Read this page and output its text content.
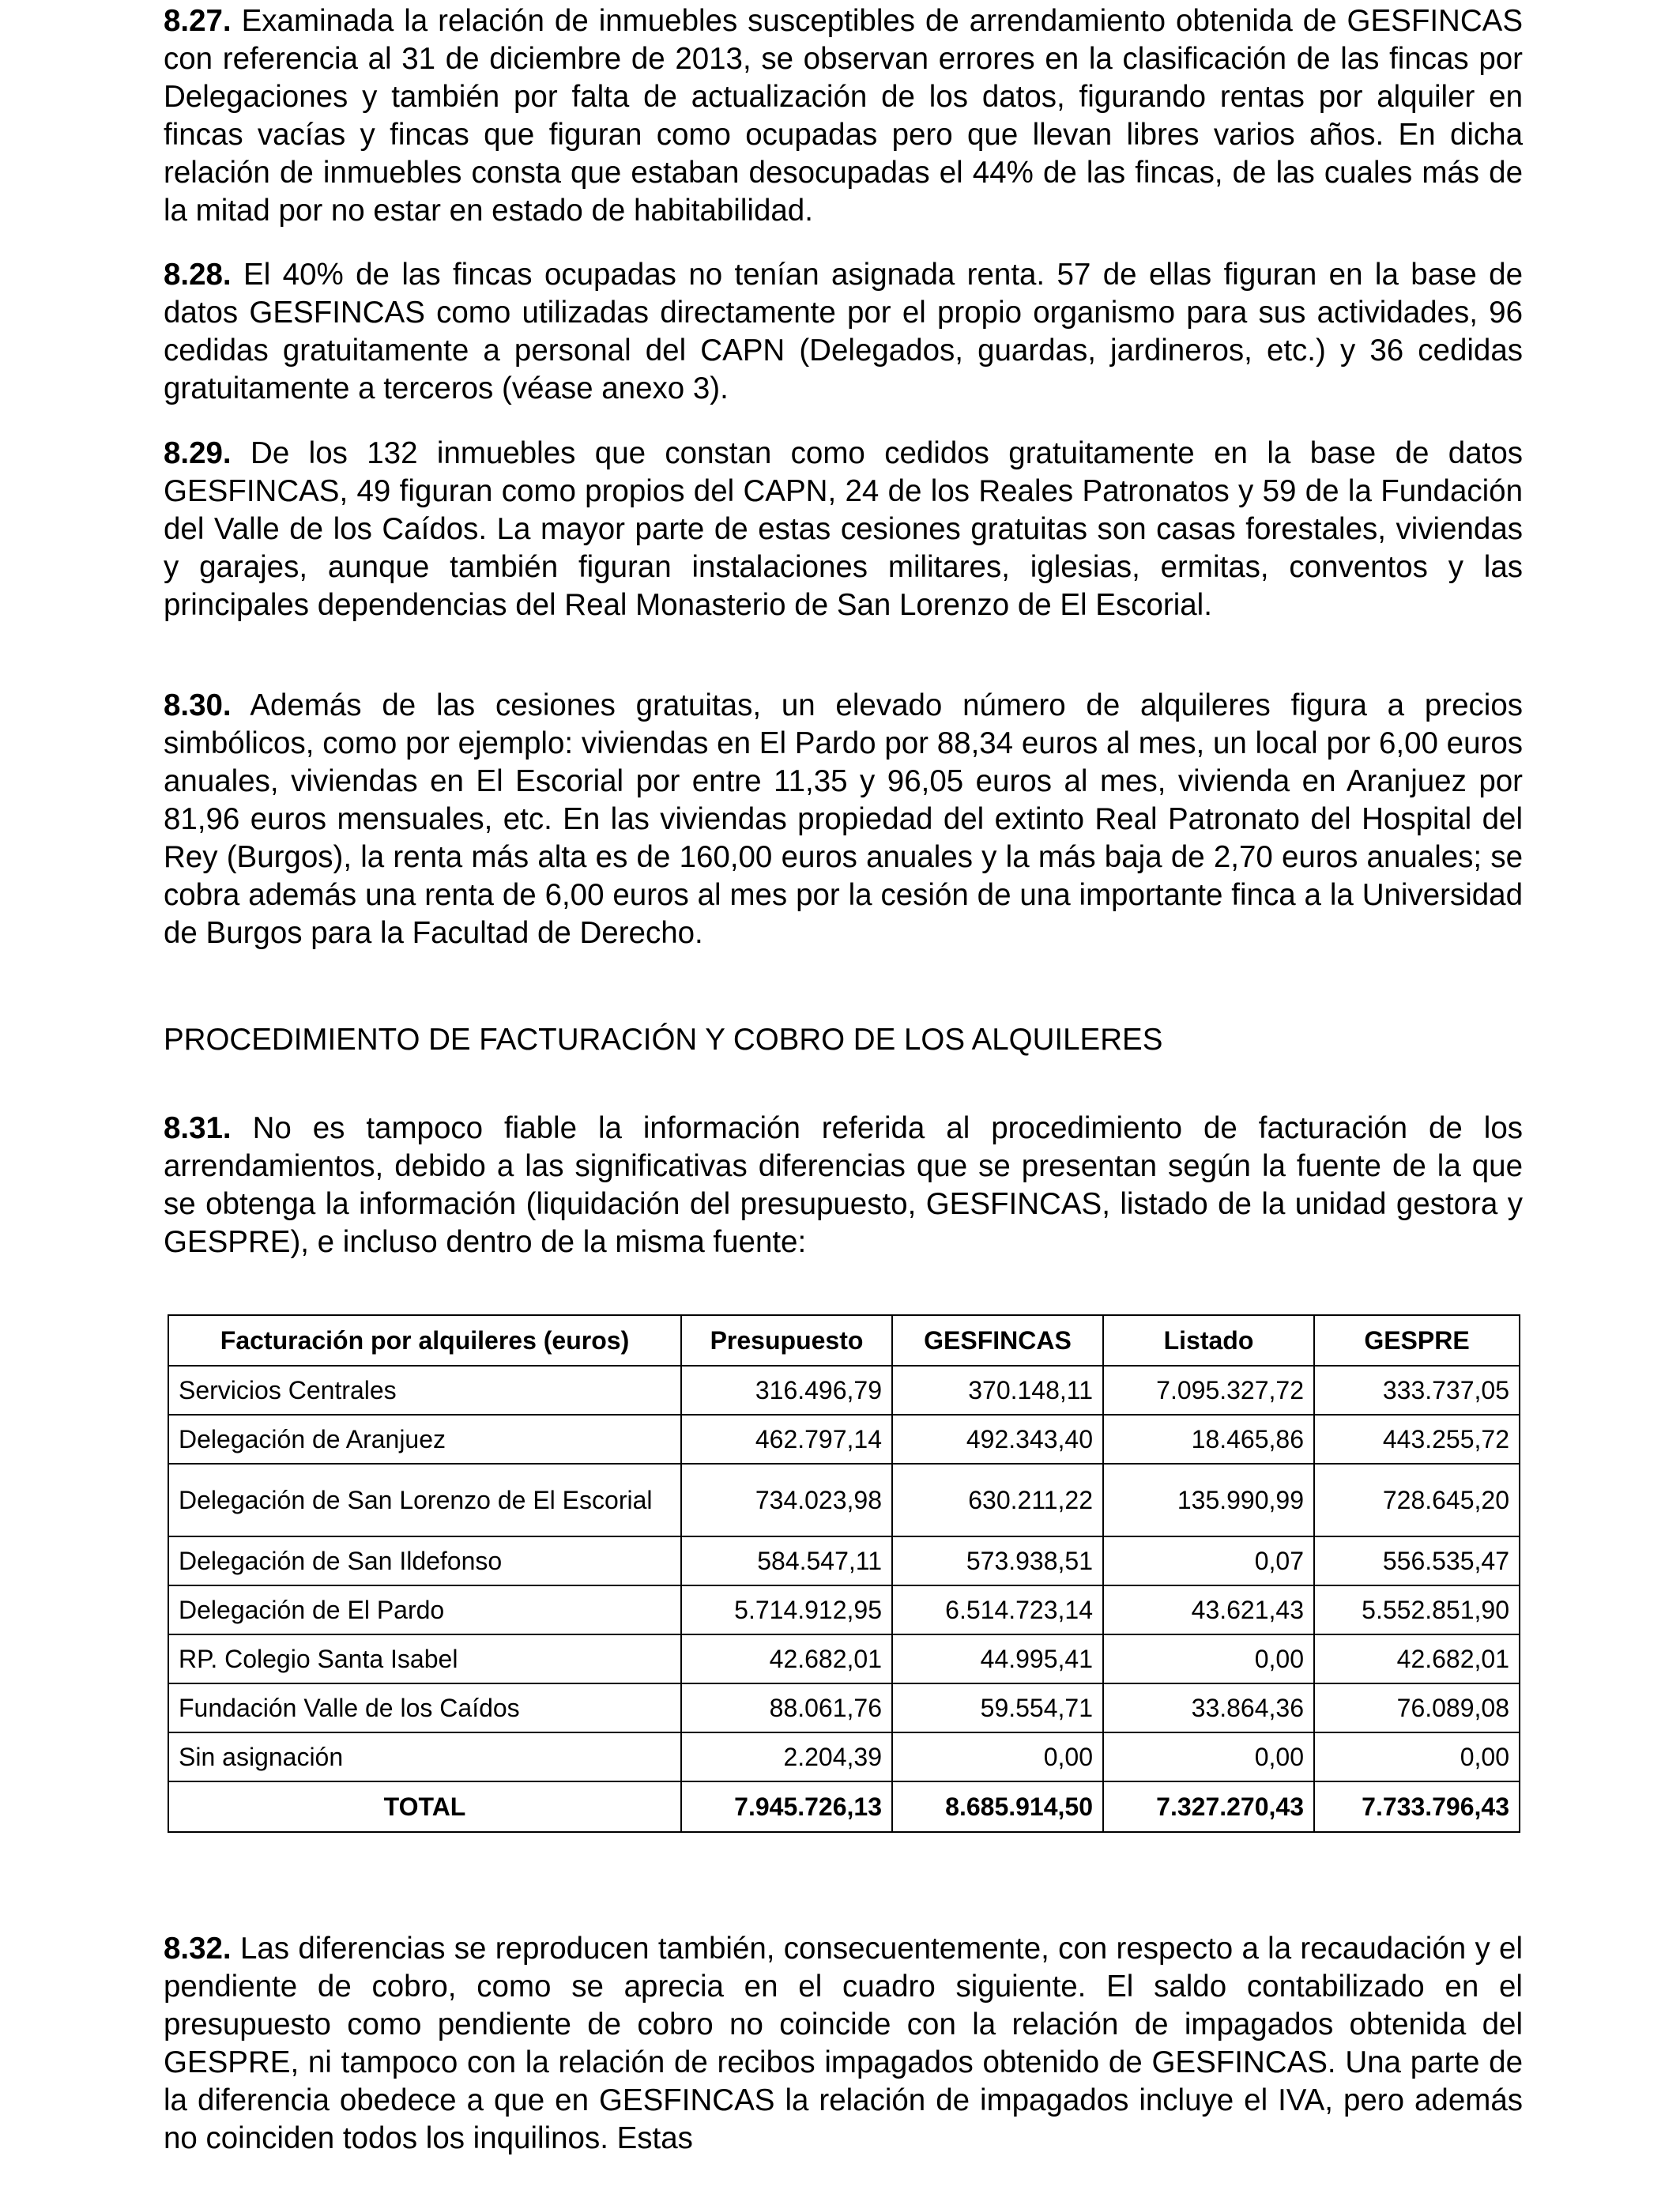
8.27. Examinada la relación de inmuebles susceptibles de arrendamiento obtenida de GESFINCAS con referencia al 31 de diciembre de 2013, se observan errores en la clasificación de las fincas por Delegaciones y también por falta de actualización de los datos, figurando rentas por alquiler en fincas vacías y fincas que figuran como ocupadas pero que llevan libres varios años. En dicha relación de inmuebles consta que estaban desocupadas el 44% de las fincas, de las cuales más de la mitad por no estar en estado de habitabilidad.

8.28. El 40% de las fincas ocupadas no tenían asignada renta. 57 de ellas figuran en la base de datos GESFINCAS como utilizadas directamente por el propio organismo para sus actividades, 96 cedidas gratuitamente a personal del CAPN (Delegados, guardas, jardineros, etc.) y 36 cedidas gratuitamente a terceros (véase anexo 3).

8.29. De los 132 inmuebles que constan como cedidos gratuitamente en la base de datos GESFINCAS, 49 figuran como propios del CAPN, 24 de los Reales Patronatos y 59 de la Fundación del Valle de los Caídos. La mayor parte de estas cesiones gratuitas son casas forestales, viviendas y garajes, aunque también figuran instalaciones militares, iglesias, ermitas, conventos y las principales dependencias del Real Monasterio de San Lorenzo de El Escorial.

8.30. Además de las cesiones gratuitas, un elevado número de alquileres figura a precios simbólicos, como por ejemplo: viviendas en El Pardo por 88,34 euros al mes, un local por 6,00 euros anuales, viviendas en El Escorial por entre 11,35 y 96,05 euros al mes, vivienda en Aranjuez por 81,96 euros mensuales, etc. En las viviendas propiedad del extinto Real Patronato del Hospital del Rey (Burgos), la renta más alta es de 160,00 euros anuales y la más baja de 2,70 euros anuales; se cobra además una renta de 6,00 euros al mes por la cesión de una importante finca a la Universidad de Burgos para la Facultad de Derecho.

PROCEDIMIENTO DE FACTURACIÓN Y COBRO DE LOS ALQUILERES

8.31. No es tampoco fiable la información referida al procedimiento de facturación de los arrendamientos, debido a las significativas diferencias que se presentan según la fuente de la que se obtenga la información (liquidación del presupuesto, GESFINCAS, listado de la unidad gestora y GESPRE), e incluso dentro de la misma fuente:

Facturación por alquileres (euros)	Presupuesto	GESFINCAS	Listado	GESPRE
Servicios Centrales	316.496,79	370.148,11	7.095.327,72	333.737,05
Delegación de Aranjuez	462.797,14	492.343,40	18.465,86	443.255,72
Delegación de San Lorenzo de El Escorial	734.023,98	630.211,22	135.990,99	728.645,20
Delegación de San Ildefonso	584.547,11	573.938,51	0,07	556.535,47
Delegación de El Pardo	5.714.912,95	6.514.723,14	43.621,43	5.552.851,90
RP. Colegio Santa Isabel	42.682,01	44.995,41	0,00	42.682,01
Fundación Valle de los Caídos	88.061,76	59.554,71	33.864,36	76.089,08
Sin asignación	2.204,39	0,00	0,00	0,00
TOTAL	7.945.726,13	8.685.914,50	7.327.270,43	7.733.796,43

8.32. Las diferencias se reproducen también, consecuentemente, con respecto a la recaudación y el pendiente de cobro, como se aprecia en el cuadro siguiente. El saldo contabilizado en el presupuesto como pendiente de cobro no coincide con la relación de impagados obtenida del GESPRE, ni tampoco con la relación de recibos impagados obtenido de GESFINCAS. Una parte de la diferencia obedece a que en GESFINCAS la relación de impagados incluye el IVA, pero además no coinciden todos los inquilinos. Estas
